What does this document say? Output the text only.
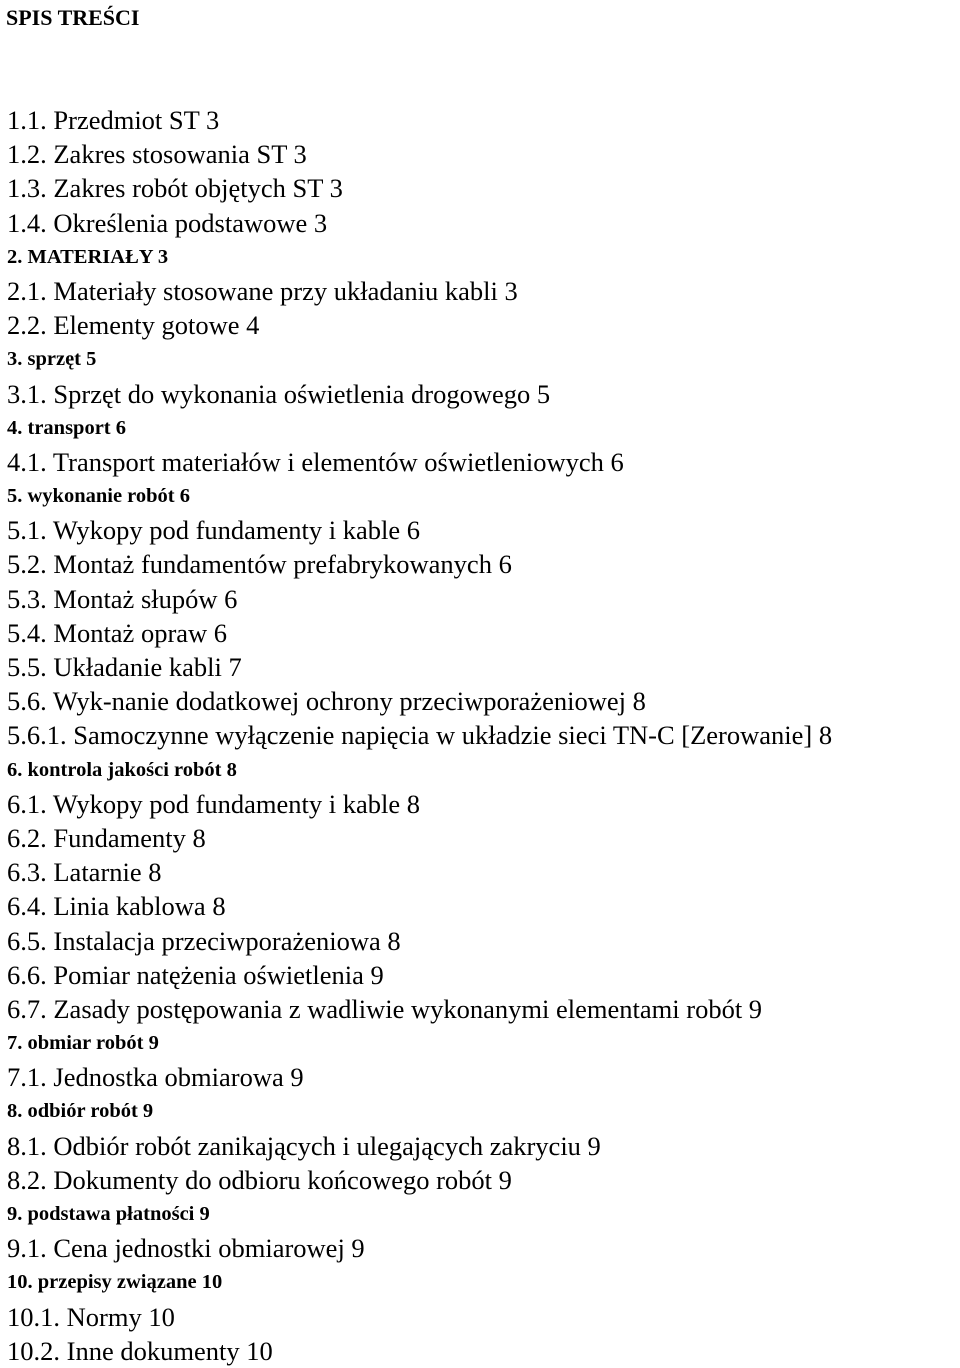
SPIS TREŚCI
1.1. Przedmiot ST 3
1.2. Zakres stosowania ST 3
1.3. Zakres robót objętych ST 3
1.4. Określenia podstawowe 3
2. MATERIAŁY 3
2.1. Materiały stosowane przy układaniu kabli 3
2.2. Elementy gotowe 4
3. sprzęt 5
3.1. Sprzęt do wykonania oświetlenia drogowego 5
4. transport 6
4.1. Transport materiałów i elementów oświetleniowych 6
5. wykonanie robót 6
5.1. Wykopy pod fundamenty i kable 6
5.2. Montaż fundamentów prefabrykowanych 6
5.3. Montaż słupów 6
5.4. Montaż opraw 6
5.5. Układanie kabli 7
5.6. Wyk-nanie dodatkowej ochrony przeciwporażeniowej 8
5.6.1. Samoczynne wyłączenie napięcia w układzie sieci TN-C [Zerowanie] 8
6. kontrola jakości robót 8
6.1. Wykopy pod fundamenty i kable 8
6.2. Fundamenty 8
6.3. Latarnie 8
6.4. Linia kablowa 8
6.5. Instalacja przeciwporażeniowa 8
6.6. Pomiar natężenia oświetlenia 9
6.7. Zasady postępowania z wadliwie wykonanymi elementami robót 9
7. obmiar robót 9
7.1. Jednostka obmiarowa 9
8. odbiór robót 9
8.1. Odbiór robót zanikających i ulegających zakryciu 9
8.2. Dokumenty do odbioru końcowego robót 9
9. podstawa płatności 9
9.1. Cena jednostki obmiarowej 9
10. przepisy związane 10
10.1. Normy 10
10.2. Inne dokumenty 10
